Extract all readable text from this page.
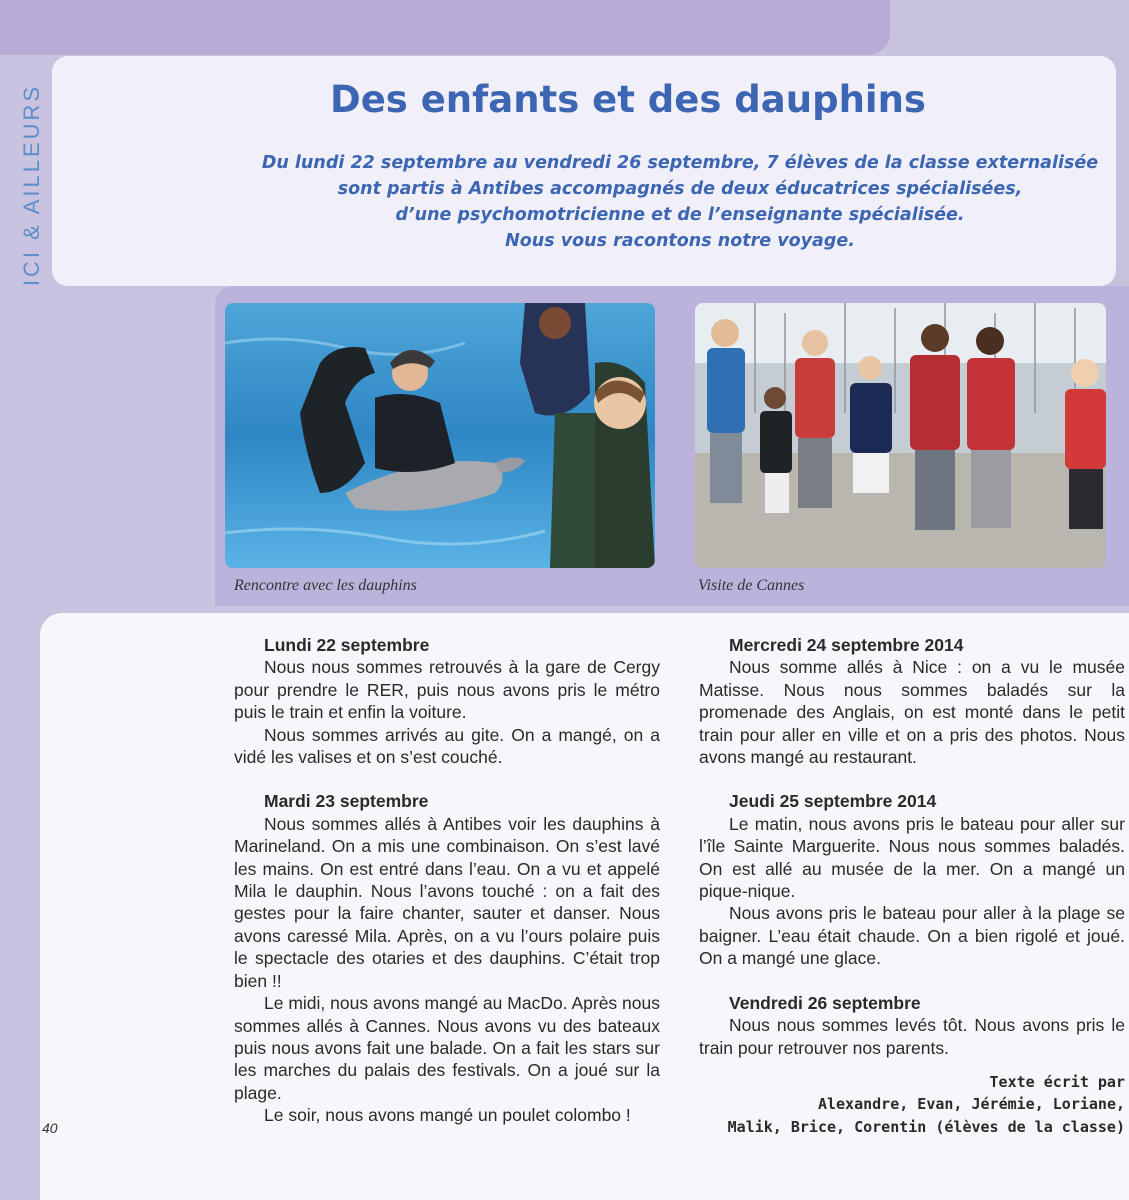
ICI & AILLEURS	Des enfants et des dauphins
Du lundi 22 septembre au vendredi 26 septembre, 7 élèves de la classe externalisée
sont partis à Antibes accompagnés de deux éducatrices spécialisées,
d’une psychomotricienne et de l’enseignante spécialisée.
Nous vous racontons notre voyage.
Rencontre avec les dauphins	Visite de Cannes

Lundi 22 septembre

Nous nous sommes retrouvés à la gare de Cergy pour prendre le RER, puis nous avons pris le métro puis le train et enfin la voiture.

Nous sommes arrivés au gite. On a mangé, on a vidé les valises et on s’est couché.

Mardi 23 septembre

Nous sommes allés à Antibes voir les dauphins à Marineland. On a mis une combinaison. On s’est lavé les mains. On est entré dans l’eau. On a vu et appelé Mila le dauphin. Nous l’avons touché : on a fait des gestes pour la faire chanter, sauter et danser. Nous avons caressé Mila. Après, on a vu l’ours polaire puis le spectacle des otaries et des dauphins. C’était trop bien !!

Le midi, nous avons mangé au MacDo. Après nous sommes allés à Cannes. Nous avons vu des bateaux puis nous avons fait une balade. On a fait les stars sur les marches du palais des festivals. On a joué sur la plage.

Le soir, nous avons mangé un poulet colombo !

Mercredi 24 septembre 2014

Nous somme allés à Nice : on a vu le musée Matisse. Nous nous sommes baladés sur la promenade des Anglais, on est monté dans le petit train pour aller en ville et on a pris des photos. Nous avons mangé au restaurant.

Jeudi 25 septembre 2014

Le matin, nous avons pris le bateau pour aller sur l’île Sainte Marguerite. Nous nous sommes baladés. On est allé au musée de la mer. On a mangé un pique-nique.

Nous avons pris le bateau pour aller à la plage se baigner. L’eau était chaude. On a bien rigolé et joué. On a mangé une glace.

Vendredi 26 septembre

Nous nous sommes levés tôt. Nous avons pris le train pour retrouver nos parents.

Texte écrit par
Alexandre, Evan, Jérémie, Loriane,
Malik, Brice, Corentin (élèves de la classe)
40
